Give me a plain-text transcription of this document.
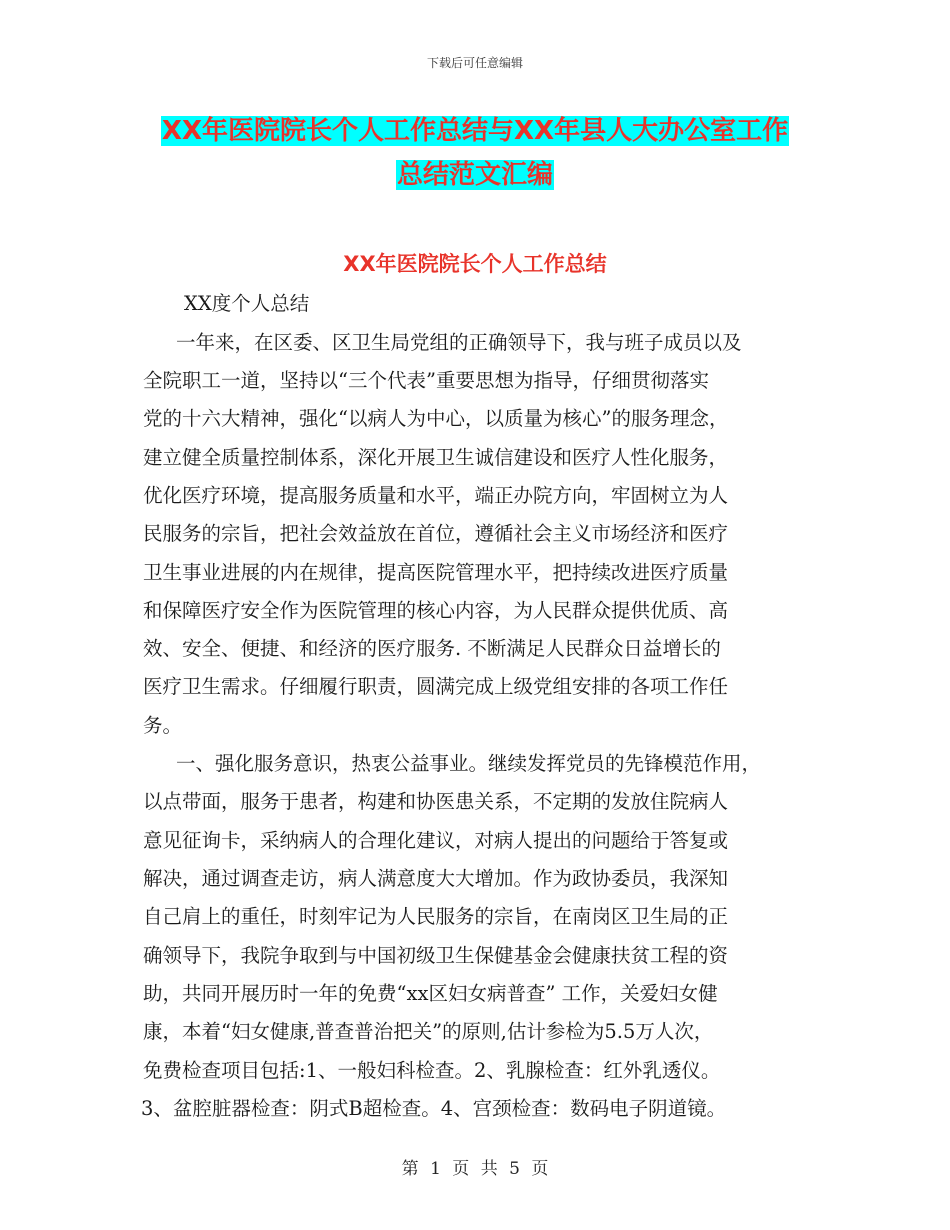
下载后可任意编辑
XX年医院院长个人工作总结与XX年县人大办公室工作
总结范文汇编
XX年医院院长个人工作总结
XX度个人总结
一年来，在区委、区卫生局党组的正确领导下，我与班子成员以及
全院职工一道，坚持以“三个代表”重要思想为指导，仔细贯彻落实
党的十六大精神，强化“以病人为中心，以质量为核心”的服务理念，
建立健全质量控制体系，深化开展卫生诚信建设和医疗人性化服务，
优化医疗环境，提高服务质量和水平，端正办院方向，牢固树立为人
民服务的宗旨，把社会效益放在首位，遵循社会主义市场经济和医疗
卫生事业进展的内在规律，提高医院管理水平，把持续改进医疗质量
和保障医疗安全作为医院管理的核心内容，为人民群众提供优质、高
效、安全、便捷、和经济的医疗服务. 不断满足人民群众日益增长的
医疗卫生需求。仔细履行职责，圆满完成上级党组安排的各项工作任
务。
一、强化服务意识，热衷公益事业。继续发挥党员的先锋模范作用，
以点带面，服务于患者，构建和协医患关系，不定期的发放住院病人
意见征询卡，采纳病人的合理化建议，对病人提出的问题给于答复或
解决，通过调查走访，病人满意度大大增加。作为政协委员，我深知
自己肩上的重任，时刻牢记为人民服务的宗旨，在南岗区卫生局的正
确领导下，我院争取到与中国初级卫生保健基金会健康扶贫工程的资
助，共同开展历时一年的免费“xx区妇女病普查” 工作，关爱妇女健
康，本着“妇女健康,普查普治把关”的原则,估计参检为5.5万人次，
免费检查项目包括:1、一般妇科检查。2、乳腺检查：红外乳透仪。
3、盆腔脏器检查：阴式B超检查。4、宫颈检查：数码电子阴道镜。
第 1 页 共 5 页
